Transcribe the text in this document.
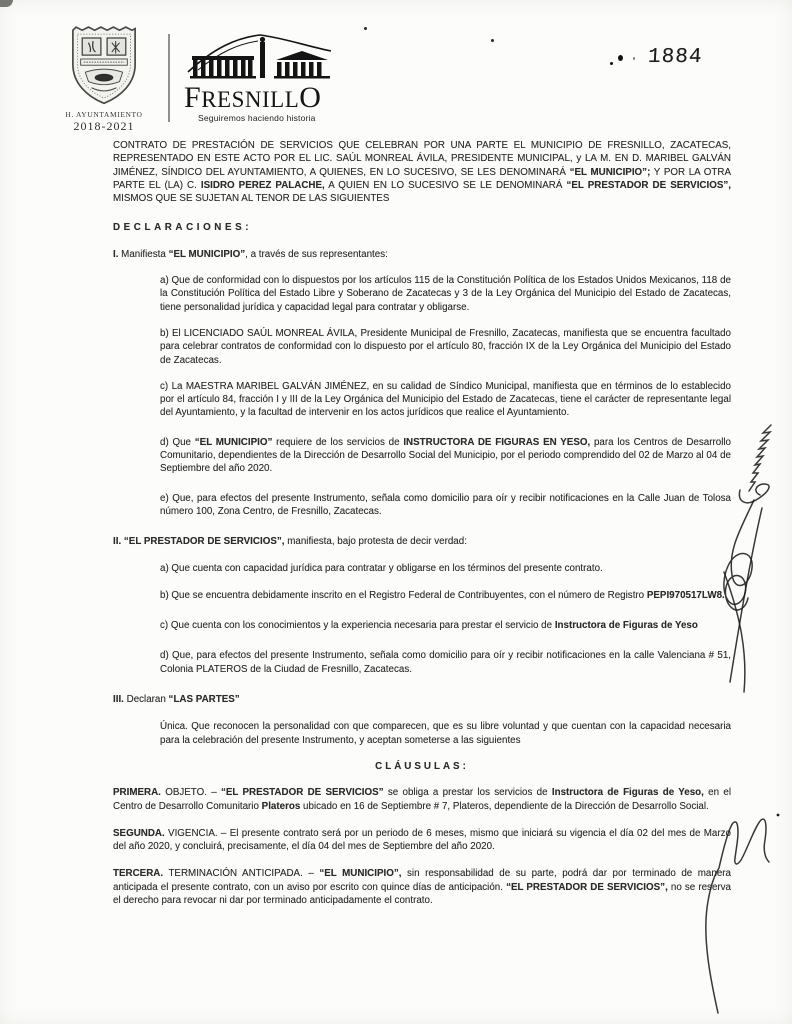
H. AYUNTAMIENTO
2018-2021
FRESNILLO
Seguiremos haciendo historia
1884
CONTRATO DE PRESTACIÓN DE SERVICIOS QUE CELEBRAN POR UNA PARTE EL MUNICIPIO DE FRESNILLO, ZACATECAS, REPRESENTADO EN ESTE ACTO POR EL LIC. SAÚL MONREAL ÁVILA, PRESIDENTE MUNICIPAL, y LA M. EN D. MARIBEL GALVÁN JIMÉNEZ, SÍNDICO DEL AYUNTAMIENTO, A QUIENES, EN LO SUCESIVO, SE LES DENOMINARÁ “EL MUNICIPIO”; Y POR LA OTRA PARTE EL (LA) C. ISIDRO PEREZ PALACHE, A QUIEN EN LO SUCESIVO SE LE DENOMINARÁ “EL PRESTADOR DE SERVICIOS”, MISMOS QUE SE SUJETAN AL TENOR DE LAS SIGUIENTES
DECLARACIONES:
I. Manifiesta “EL MUNICIPIO”, a través de sus representantes:
a) Que de conformidad con lo dispuestos por los artículos 115 de la Constitución Política de los Estados Unidos Mexicanos, 118 de la Constitución Política del Estado Libre y Soberano de Zacatecas y 3 de la Ley Orgánica del Municipio del Estado de Zacatecas, tiene personalidad jurídica y capacidad legal para contratar y obligarse.
b) El LICENCIADO SAÚL MONREAL ÁVILA, Presidente Municipal de Fresnillo, Zacatecas, manifiesta que se encuentra facultado para celebrar contratos de conformidad con lo dispuesto por el artículo 80, fracción IX de la Ley Orgánica del Municipio del Estado de Zacatecas.
c) La MAESTRA MARIBEL GALVÁN JIMÉNEZ, en su calidad de Síndico Municipal, manifiesta que en términos de lo establecido por el artículo 84, fracción I y III de la Ley Orgánica del Municipio del Estado de Zacatecas, tiene el carácter de representante legal del Ayuntamiento, y la facultad de intervenir en los actos jurídicos que realice el Ayuntamiento.
d) Que “EL MUNICIPIO” requiere de los servicios de INSTRUCTORA DE FIGURAS EN YESO, para los Centros de Desarrollo Comunitario, dependientes de la Dirección de Desarrollo Social del Municipio, por el periodo comprendido del 02 de Marzo al 04 de Septiembre del año 2020.
e) Que, para efectos del presente Instrumento, señala como domicilio para oír y recibir notificaciones en la Calle Juan de Tolosa número 100, Zona Centro, de Fresnillo, Zacatecas.
II. “EL PRESTADOR DE SERVICIOS”, manifiesta, bajo protesta de decir verdad:
a) Que cuenta con capacidad jurídica para contratar y obligarse en los términos del presente contrato.
b) Que se encuentra debidamente inscrito en el Registro Federal de Contribuyentes, con el número de Registro PEPI970517LW8.
c) Que cuenta con los conocimientos y la experiencia necesaria para prestar el servicio de Instructora de Figuras de Yeso
d) Que, para efectos del presente Instrumento, señala como domicilio para oír y recibir notificaciones en la calle Valenciana # 51, Colonia PLATEROS de la Ciudad de Fresnillo, Zacatecas.
III. Declaran “LAS PARTES”
Única. Que reconocen la personalidad con que comparecen, que es su libre voluntad y que cuentan con la capacidad necesaria para la celebración del presente Instrumento, y aceptan someterse a las siguientes
CLÁUSULAS:
PRIMERA. OBJETO. – “EL PRESTADOR DE SERVICIOS” se obliga a prestar los servicios de Instructora de Figuras de Yeso, en el Centro de Desarrollo Comunitario Plateros ubicado en 16 de Septiembre # 7, Plateros, dependiente de la Dirección de Desarrollo Social.
SEGUNDA. VIGENCIA. – El presente contrato será por un periodo de 6 meses, mismo que iniciará su vigencia el día 02 del mes de Marzo del año 2020, y concluirá, precisamente, el día 04 del mes de Septiembre del año 2020.
TERCERA. TERMINACIÓN ANTICIPADA. – “EL MUNICIPIO”, sin responsabilidad de su parte, podrá dar por terminado de manera anticipada el presente contrato, con un aviso por escrito con quince días de anticipación. “EL PRESTADOR DE SERVICIOS”, no se reserva el derecho para revocar ni dar por terminado anticipadamente el contrato.
